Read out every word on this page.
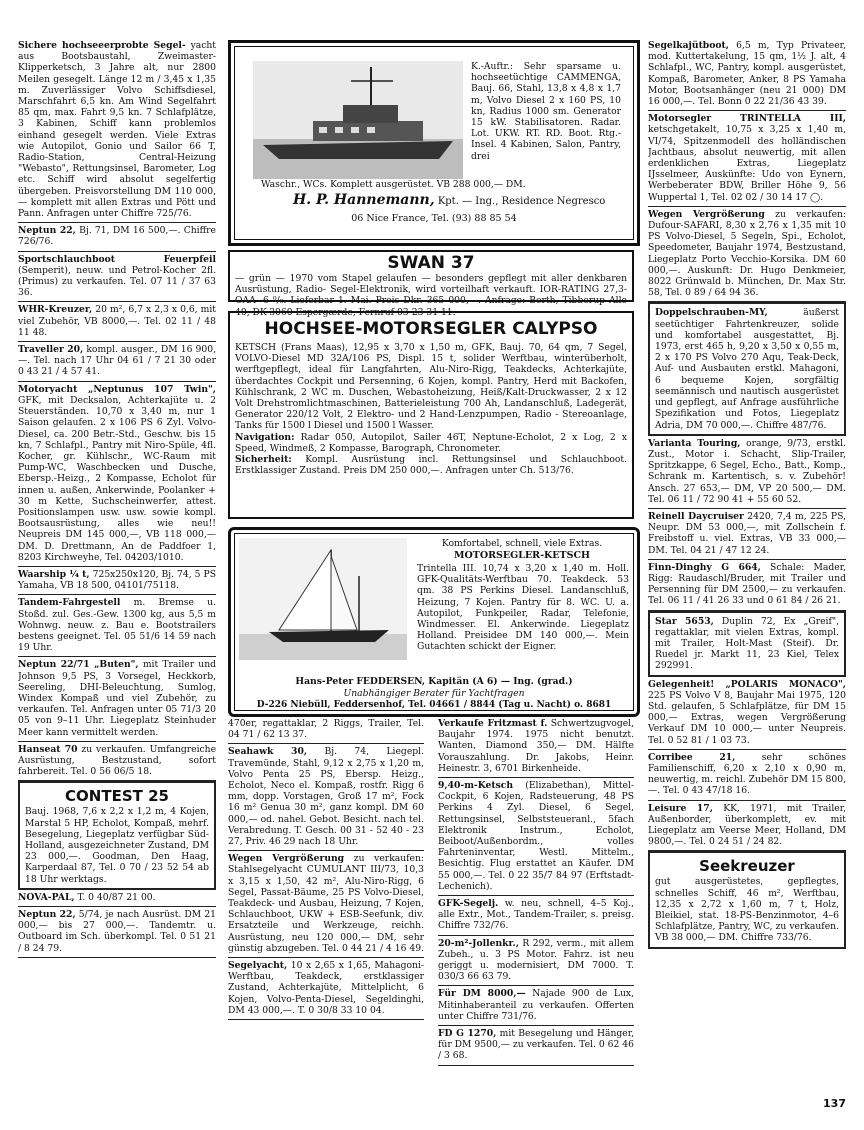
Sichere hochseeerprobte Segel- yacht aus Bootsbaustahl, Zweimaster-Klipperketsch, 3 Jahre alt, nur 2800 Meilen gesegelt. Länge 12 m / 3,45 x 1,35 m. Zuverlässiger Volvo Schiffsdiesel, Marschfahrt 6,5 kn. Am Wind Segelfahrt 85 qm, max. Fahrt 9,5 kn. 7 Schlafplätze, 3 Kabinen, Schiff kann problemlos einhand gesegelt werden. Viele Extras wie Autopilot, Gonio und Sailor 66 T, Radio-Station, Central-Heizung "Webasto", Rettungsinsel, Barometer, Log etc. Schiff wird absolut segelfertig übergeben. Preisvorstellung DM 110 000,— komplett mit allen Extras und Pött und Pann. Anfragen unter Chiffre 725/76.
Neptun 22, Bj. 71, DM 16 500,—. Chiffre 726/76.
Sportschlauchboot Feuerpfeil (Semperit), neuw. und Petrol-Kocher 2fl. (Primus) zu verkaufen. Tel. 07 11 / 37 63 36.
WHR-Kreuzer, 20 m², 6,7 x 2,3 x 0,6, mit viel Zubehör, VB 8000,—. Tel. 02 11 / 48 11 48.
Traveller 20, kompl. ausger., DM 16 900,—. Tel. nach 17 Uhr 04 61 / 7 21 30 oder 0 43 21 / 4 57 41.
Motoryacht „Neptunus 107 Twin", GFK, mit Decksalon, Achterkajüte u. 2 Steuerständen. 10,70 x 3,40 m, nur 1 Saison gelaufen. 2 x 106 PS 6 Zyl. Volvo-Diesel, ca. 200 Betr.-Std., Geschw. bis 15 kn, 7 Schlafpl., Pantry mit Niro-Spüle, 4fl. Kocher, gr. Kühlschr., WC-Raum mit Pump-WC, Waschbecken und Dusche, Ebersp.-Heizg., 2 Kompasse, Echolot für innen u. außen, Ankerwinde, Poolanker + 30 m Kette, Suchscheinwerfer, attest. Positionslampen usw. usw. sowie kompl. Bootsausrüstung, alles wie neu!! Neupreis DM 145 000,—, VB 118 000,— DM. D. Drettmann, An de Paddfoer 1, 8203 Kirchweyhe, Tel. 04203/1010.
Waarship ¼ t, 725x250x120, Bj. 74, 5 PS Yamaha, VB 18 500, 04101/75118.
Tandem-Fahrgestell m. Bremse u. Stoßd. zul. Ges.-Gew. 1300 kg, aus 5,5 m Wohnwg. neuw. z. Bau e. Bootstrailers bestens geeignet. Tel. 05 51/6 14 59 nach 19 Uhr.
Neptun 22/71 „Buten", mit Trailer und Johnson 9,5 PS, 3 Vorsegel, Heckkorb, Seereling, DHI-Beleuchtung, Sumlog, Windex Kompaß und viel Zubehör, zu verkaufen. Tel. Anfragen unter 05 71/3 20 05 von 9–11 Uhr. Liegeplatz Steinhuder Meer kann vermittelt werden.
Hanseat 70 zu verkaufen. Umfangreiche Ausrüstung, Bestzustand, sofort fahrbereit. Tel. 0 56 06/5 18.
CONTEST 25
Bauj. 1968, 7,6 x 2,2 x 1,2 m, 4 Kojen, Marstal 5 HP, Echolot, Kompaß, mehrf. Besegelung, Liegeplatz verfügbar Süd-Holland, ausgezeichneter Zustand, DM 23 000,—. Goodman, Den Haag, Karperdaal 87, Tel. 0 70 / 23 52 54 ab 18 Uhr werktags.
NOVA-PAL, T. 0 40/87 21 00.
Neptun 22, 5/74, je nach Ausrüst. DM 21 000,— bis 27 000,—. Tandemtr. u. Outboard im Sch. überkompl. Tel. 0 51 21 / 8 24 79.
K.-Auftr.: Sehr sparsame u. hochseetüchtige CAMMENGA, Bauj. 66, Stahl, 13,8 x 4,8 x 1,7 m, Volvo Diesel 2 x 160 PS, 10 kn, Radius 1000 sm. Generator 15 kW. Stabilisatoren. Radar. Lot. UKW. RT. RD. Boot. Rtg.-Insel. 4 Kabinen, Salon, Pantry, drei
Waschr., WCs. Komplett ausgerüstet. VB 288 000,— DM.
H. P. Hannemann, Kpt. — Ing., Residence Negresco
06 Nice France, Tel. (93) 88 85 54
SWAN 37
— grün — 1970 vom Stapel gelaufen — besonders gepflegt mit aller denkbaren Ausrüstung, Radio- Segel-Elektronik, wird vorteilhaft verkauft. IOR-RATING 27,3-OAA -6 ⁰/₀. Lieferbar 1. Mai. Preis Dkr. 365 000,—. Anfrage: Berth, Tibberup Alle 40, DK-3060 Espergærde, Fernruf 03-23 31 11.
HOCHSEE-MOTORSEGLER CALYPSO
KETSCH (Frans Maas), 12,95 x 3,70 x 1,50 m, GFK, Bauj. 70, 64 qm, 7 Segel, VOLVO-Diesel MD 32A/106 PS, Displ. 15 t, solider Werftbau, winterüberholt, werftgepflegt, ideal für Langfahrten, Alu-Niro-Rigg, Teakdecks, Achterkajüte, überdachtes Cockpit und Persenning, 6 Kojen, kompl. Pantry, Herd mit Backofen, Kühlschrank, 2 WC m. Duschen, Webastoheizung, Heiß/Kalt-Druckwasser, 2 x 12 Volt Drehstromlichtmaschinen, Batterieleistung 700 Ah, Landanschluß, Ladegerät, Generator 220/12 Volt, 2 Elektro- und 2 Hand-Lenzpumpen, Radio - Stereoanlage, Tanks für 1500 l Diesel und 1500 l Wasser.
Navigation: Radar 050, Autopilot, Sailer 46T, Neptune-Echolot, 2 x Log, 2 x Speed, Windmeß, 2 Kompasse, Barograph, Chronometer.
Sicherheit: Kompl. Ausrüstung incl. Rettungsinsel und Schlauchboot. Erstklassiger Zustand. Preis DM 250 000,—. Anfragen unter Ch. 513/76.
Komfortabel, schnell, viele Extras.
MOTORSEGLER-KETSCH
Trintella III. 10,74 x 3,20 x 1,40 m. Holl. GFK-Qualitäts-Werftbau 70. Teakdeck. 53 qm. 38 PS Perkins Diesel. Landanschluß, Heizung, 7 Kojen. Pantry für 8. WC. U. a. Autopilot, Funkpeiler, Radar, Telefonie, Windmesser. El. Ankerwinde. Liegeplatz Holland. Preisidee DM 140 000,—. Mein Gutachten schickt der Eigner.
Hans-Peter FEDDERSEN, Kapitän (A 6) — Ing. (grad.)
Unabhängiger Berater für Yachtfragen
D-226 Niebüll, Feddersenhof, Tel. 04661 / 8844 (Tag u. Nacht) o. 8681
470er, regattaklar, 2 Riggs, Trailer, Tel. 04 71 / 62 13 37.
Seahawk 30, Bj. 74, Liegepl. Travemünde, Stahl, 9,12 x 2,75 x 1,20 m, Volvo Penta 25 PS, Ebersp. Heizg., Echolot, Neco el. Kompaß, rostfr. Rigg 6 mm, dopp. Vorstagen, Groß 17 m², Fock 16 m² Genua 30 m², ganz kompl. DM 60 000,— od. nahel. Gebot. Besicht. nach tel. Verabredung. T. Gesch. 00 31 - 52 40 - 23 27, Priv. 46 29 nach 18 Uhr.
Wegen Vergrößerung zu verkaufen: Stahlsegelyacht CUMULANT III/73, 10,3 x 3,15 x 1,50, 42 m², Alu-Niro-Rigg, 6 Segel, Passat-Bäume, 25 PS Volvo-Diesel, Teakdeck- und Ausbau, Heizung, 7 Kojen, Schlauchboot, UKW + ESB-Seefunk, div. Ersatzteile und Werkzeuge, reichh. Ausrüstung, neu 120 000,— DM, sehr günstig abzugeben. Tel. 0 44 21 / 4 16 49.
Segelyacht, 10 x 2,65 x 1,65, Mahagoni-Werftbau, Teakdeck, erstklassiger Zustand, Achterkajüte, Mittelplicht, 6 Kojen, Volvo-Penta-Diesel, Segeldinghi, DM 43 000,—. T. 0 30/8 33 10 04.
Verkaufe Fritzmast f. Schwertzugvogel, Baujahr 1974. 1975 nicht benutzt. Wanten, Diamond 350,— DM. Hälfte Vorauszahlung. Dr. Jakobs, Heinr. Heinestr. 3, 6701 Birkenheide.
9,40-m-Ketsch (Elizabethan), Mittel-Cockpit, 6 Kojen, Radsteuerung, 48 PS Perkins 4 Zyl. Diesel, 6 Segel, Rettungsinsel, Selbststeueranl., 5fach Elektronik Instrum., Echolot, Beiboot/Außenbordm., volles Fahrteninventar, Westl. Mittelm., Besichtig. Flug erstattet an Käufer. DM 55 000,—. Tel. 0 22 35/7 84 97 (Erftstadt-Lechenich).
GFK-Segelj. w. neu, schnell, 4–5 Koj., alle Extr., Mot., Tandem-Trailer, s. preisg. Chiffre 732/76.
20-m²-Jollenkr., R 292, verm., mit allem Zubeh., u. 3 PS Motor. Fahrz. ist neu geriggt u. modernisiert, DM 7000. T. 030/3 66 63 79.
Für DM 8000,— Najade 900 de Lux, Mitinhaberanteil zu verkaufen. Offerten unter Chiffre 731/76.
FD G 1270, mit Besegelung und Hänger, für DM 9500,— zu verkaufen. Tel. 0 62 46 / 3 68.
Segelkajütboot, 6,5 m, Typ Privateer, mod. Kuttertakelung, 15 qm, 1½ J. alt, 4 Schlafpl., WC, Pantry, kompl. ausgerüstet, Kompaß, Barometer, Anker, 8 PS Yamaha Motor, Bootsanhänger (neu 21 000) DM 16 000,—. Tel. Bonn 0 22 21/36 43 39.
Motorsegler TRINTELLA III, ketschgetakelt, 10,75 x 3,25 x 1,40 m, VI/74, Spitzenmodell des holländischen Jachtbaus, absolut neuwertig, mit allen erdenklichen Extras, Liegeplatz IJsselmeer, Auskünfte: Udo von Eynern, Werbeberater BDW, Briller Höhe 9, 56 Wuppertal 1, Tel. 02 02 / 30 14 17 ◯.
Wegen Vergrößerung zu verkaufen: Dufour-SAFARI, 8,30 x 2,76 x 1,35 mit 10 PS Volvo-Diesel, 5 Segeln, Spi., Echolot, Speedometer, Baujahr 1974, Bestzustand, Liegeplatz Porto Vecchio-Korsika. DM 60 000,—. Auskunft: Dr. Hugo Denkmeier, 8022 Grünwald b. München, Dr. Max Str. 58, Tel. 0 89 / 64 94 36.
Doppelschrauben-MY,	äußerst seetüchtiger Fahrtenkreuzer, solide und komfortabel ausgestattet, Bj. 1973, erst 465 h, 9,20 x 3,50 x 0,55 m, 2 x 170 PS Volvo 270 Aqu, Teak-Deck, Auf- und Ausbauten erstkl. Mahagoni, 6 bequeme Kojen, sorgfältig seemännisch und nautisch ausgerüstet und gepflegt, auf Anfrage ausführliche Spezifikation und Fotos, Liegeplatz Adria, DM 70 000,—. Chiffre 487/76.
Varianta Touring, orange, 9/73, erstkl. Zust., Motor i. Schacht, Slip-Trailer, Spritzkappe, 6 Segel, Echo., Batt., Komp., Schrank m. Kartentisch, s. v. Zubehör! Ansch. 27 653,— DM, VP 20 500,— DM. Tel. 06 11 / 72 90 41 + 55 60 52.
Reinell Daycruiser 2420, 7,4 m, 225 PS, Neupr. DM 53 000,—, mit Zollschein f. Freibstoff u. viel. Extras, VB 33 000,— DM. Tel. 04 21 / 47 12 24.
Finn-Dinghy G 664, Schale: Mader, Rigg: Raudaschl/Bruder, mit Trailer und Persenning für DM 2500,— zu verkaufen. Tel. 06 11 / 41 26 33 und 0 61 84 / 26 21.
Star 5653, Duplin 72, Ex „Greif", regattaklar, mit vielen Extras, kompl. mit Trailer, Holt-Mast (Steif). Dr. Ruedel jr. Markt 11, 23 Kiel, Telex 292991.
Gelegenheit! „POLARIS MONACO", 225 PS Volvo V 8, Baujahr Mai 1975, 120 Std. gelaufen, 5 Schlafplätze, für DM 15 000,— Extras, wegen Vergrößerung Verkauf DM 10 000,— unter Neupreis. Tel. 0 52 81 / 1 03 73.
Corribee 21,	sehr schönes Familienschiff, 6,20 x 2,10 x 0,90 m, neuwertig, m. reichl. Zubehör DM 15 800,—. Tel. 0 43 47/18 16.
Leisure 17, KK, 1971, mit Trailer, Außenborder, überkomplett, ev. mit Liegeplatz am Veerse Meer, Holland, DM 9800,—. Tel. 0 24 51 / 24 82.
Seekreuzer
gut ausgerüstetes, gepflegtes, schnelles Schiff, 46 m², Werftbau, 12,35 x 2,72 x 1,60 m, 7 t, Holz, Bleikiel, stat. 18-PS-Benzinmotor, 4–6 Schlafplätze, Pantry, WC, zu verkaufen. VB 38 000,— DM. Chiffre 733/76.
137
